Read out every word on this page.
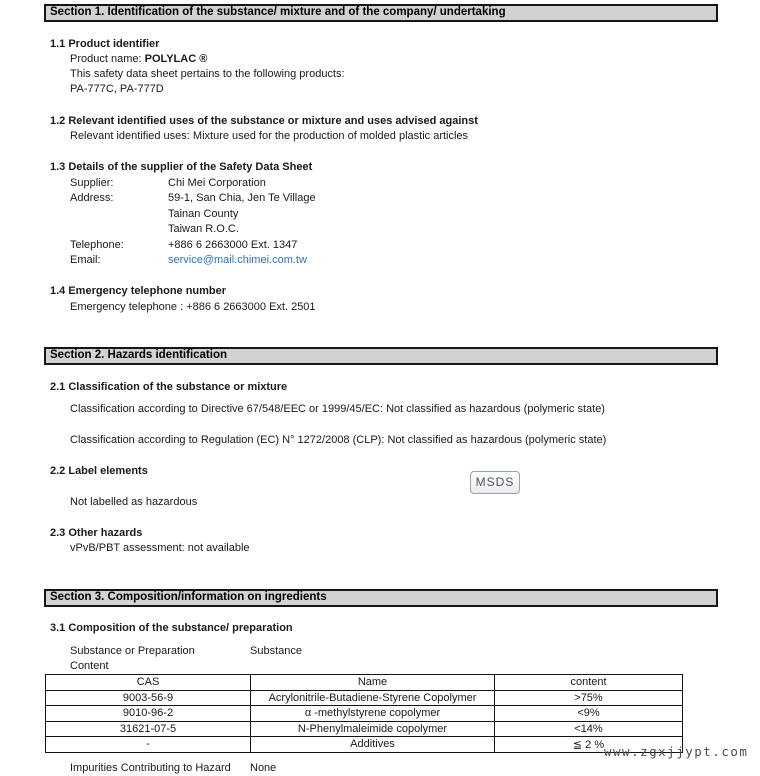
Section 1. Identification of the substance/ mixture and of the company/ undertaking
1.1 Product identifier
Product name: POLYLAC ®
This safety data sheet pertains to the following products:
PA-777C, PA-777D
1.2 Relevant identified uses of the substance or mixture and uses advised against
Relevant identified uses: Mixture used for the production of molded plastic articles
1.3 Details of the supplier of the Safety Data Sheet
Supplier:	Chi Mei Corporation
Address:	59-1, San Chia, Jen Te Village
Tainan County
Taiwan R.O.C.
Telephone:	+886 6 2663000 Ext. 1347
Email:	service@mail.chimei.com.tw
1.4 Emergency telephone number
Emergency telephone : +886 6 2663000 Ext. 2501
Section 2. Hazards identification
2.1 Classification of the substance or mixture
Classification according to Directive 67/548/EEC or 1999/45/EC: Not classified as hazardous (polymeric state)
Classification according to Regulation (EC) N° 1272/2008 (CLP): Not classified as hazardous (polymeric state)
2.2 Label elements
MSDS
Not labelled as hazardous
2.3 Other hazards
vPvB/PBT assessment: not available
Section 3. Composition/information on ingredients
3.1 Composition of the substance/ preparation
Substance or Preparation	Substance
Content
CAS	Name	content
9003-56-9	Acrylonitrile-Butadiene-Styrene Copolymer	>75%
9010-96-2	α -methylstyrene copolymer	<9%
31621-07-5	N-Phenylmaleimide copolymer	<14%
-	Additives	≦ 2 %
Impurities Contributing to Hazard None
www.zgxjjypt.com
